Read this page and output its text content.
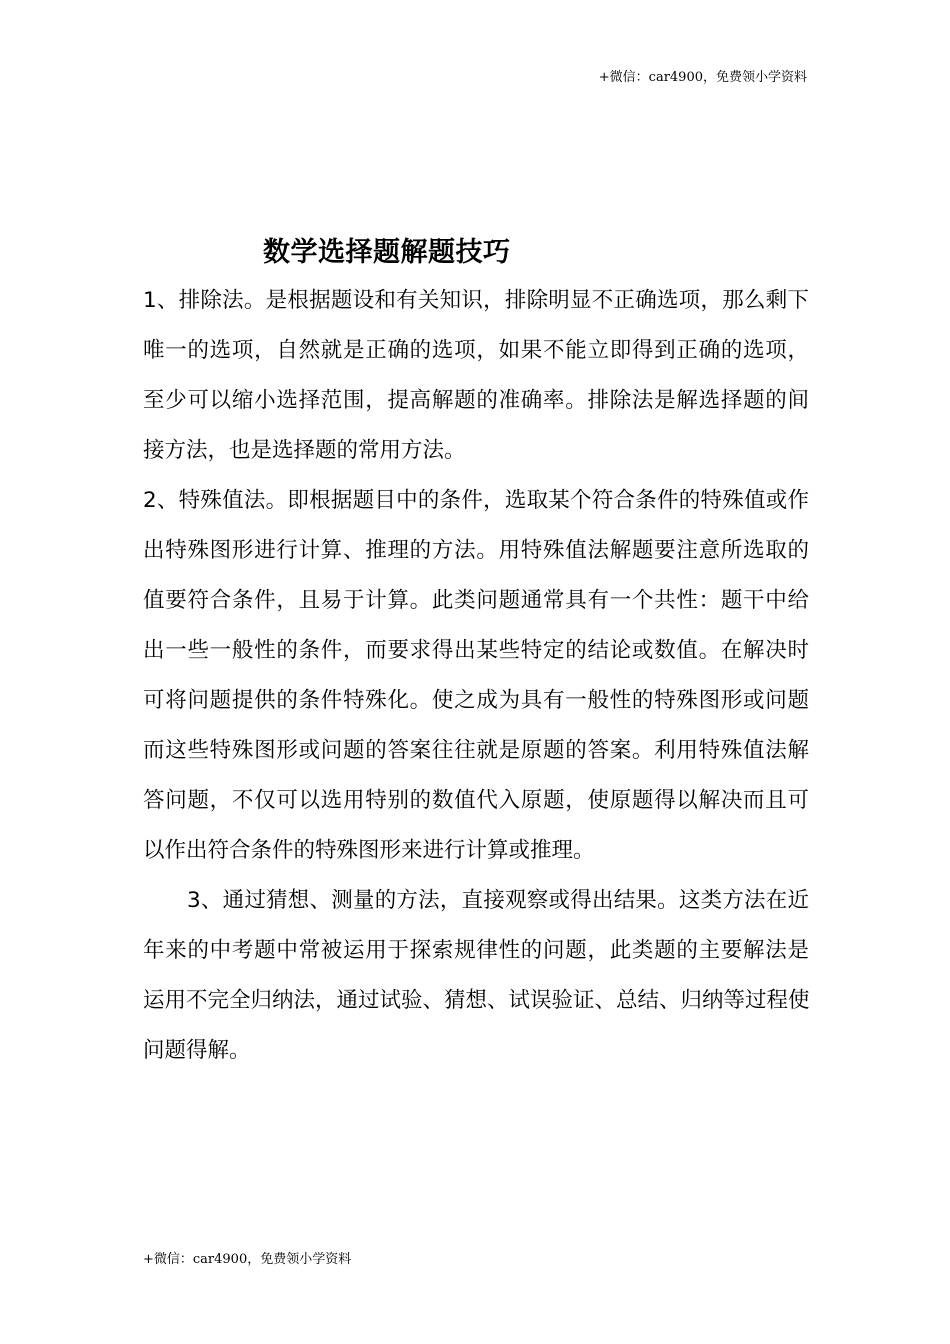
+微信：car4900，免费领小学资料
数学选择题解题技巧
1、排除法。是根据题设和有关知识，排除明显不正确选项，那么剩下
唯一的选项，自然就是正确的选项，如果不能立即得到正确的选项，
至少可以缩小选择范围，提高解题的准确率。排除法是解选择题的间
接方法，也是选择题的常用方法。
2、特殊值法。即根据题目中的条件，选取某个符合条件的特殊值或作
出特殊图形进行计算、推理的方法。用特殊值法解题要注意所选取的
值要符合条件，且易于计算。此类问题通常具有一个共性：题干中给
出一些一般性的条件，而要求得出某些特定的结论或数值。在解决时
可将问题提供的条件特殊化。使之成为具有一般性的特殊图形或问题
而这些特殊图形或问题的答案往往就是原题的答案。利用特殊值法解
答问题，不仅可以选用特别的数值代入原题，使原题得以解决而且可
以作出符合条件的特殊图形来进行计算或推理。
3、通过猜想、测量的方法，直接观察或得出结果。这类方法在近
年来的中考题中常被运用于探索规律性的问题，此类题的主要解法是
运用不完全归纳法，通过试验、猜想、试误验证、总结、归纳等过程使
问题得解。
+微信：car4900，免费领小学资料
